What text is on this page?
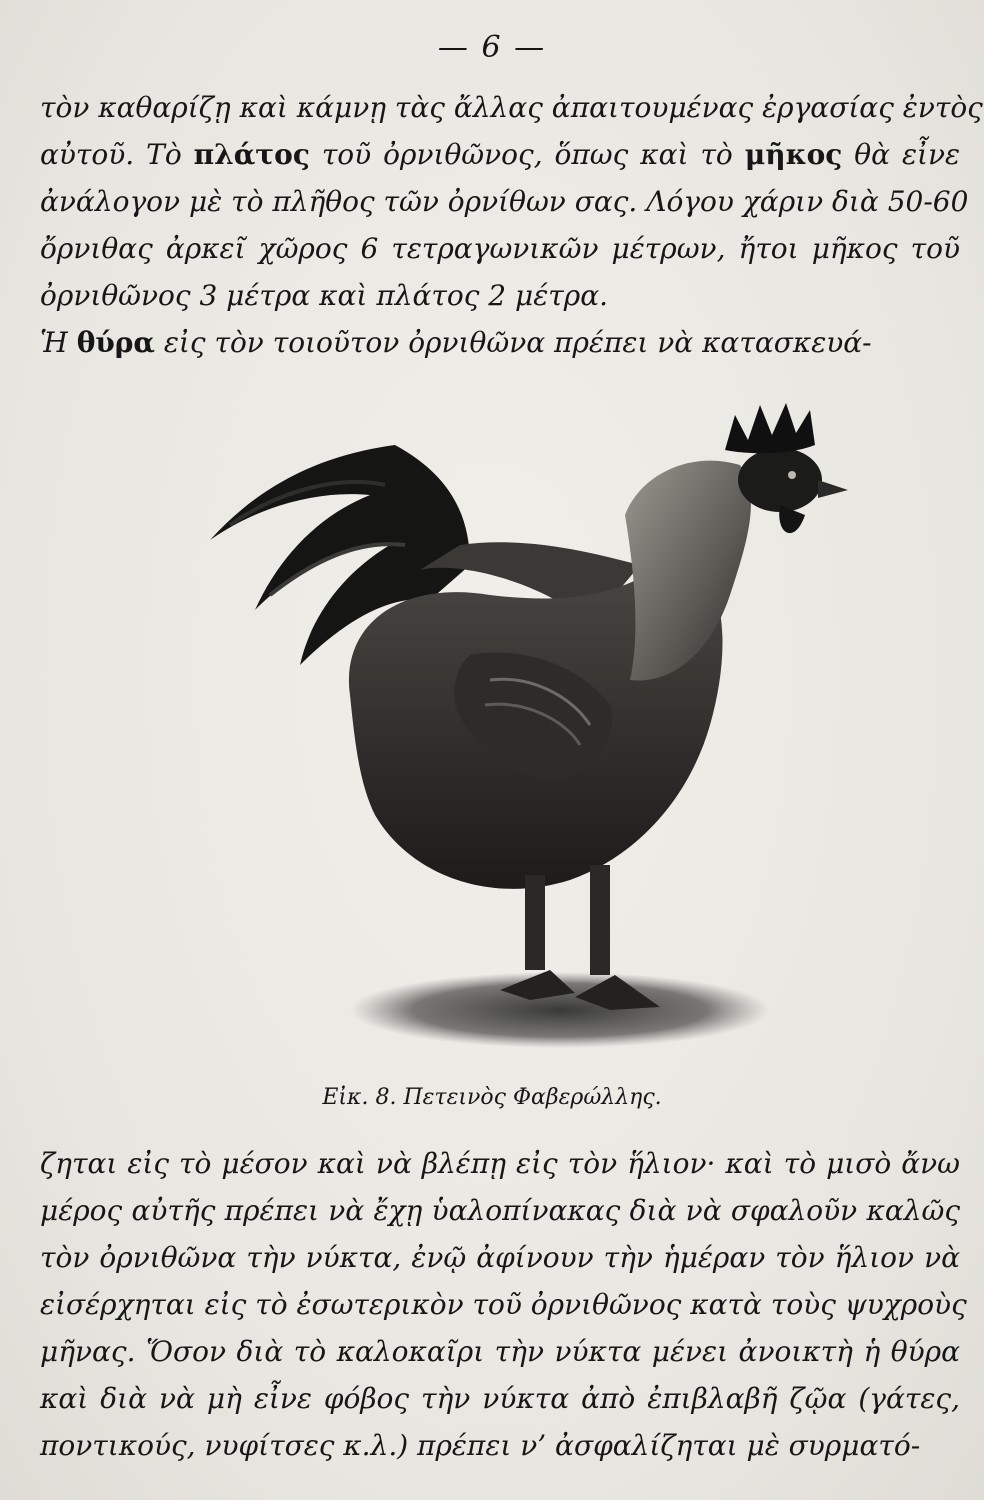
— 6 —

τὸν καθαρίζῃ καὶ κάμνῃ τὰς ἄλλας ἀπαιτουμένας ἐργασίας ἐντὸς
αὐτοῦ. Τὸ πλάτος τοῦ ὀρνιθῶνος, ὅπως καὶ τὸ μῆκος θὰ εἶνε
ἀνάλογον μὲ τὸ πλῆθος τῶν ὀρνίθων σας. Λόγου χάριν διὰ 50-60
ὄρνιθας ἀρκεῖ χῶρος 6 τετραγωνικῶν μέτρων, ἤτοι μῆκος τοῦ
ὀρνιθῶνος 3 μέτρα καὶ πλάτος 2 μέτρα.
Ἡ θύρα εἰς τὸν τοιοῦτον ὀρνιθῶνα πρέπει νὰ κατασκευά-

Εἰκ. 8. Πετεινὸς Φαβερώλλης.

ζηται εἰς τὸ μέσον καὶ νὰ βλέπῃ εἰς τὸν ἥλιον· καὶ τὸ μισὸ ἄνω
μέρος αὐτῆς πρέπει νὰ ἔχῃ ὑαλοπίνακας διὰ νὰ σφαλοῦν καλῶς
τὸν ὀρνιθῶνα τὴν νύκτα, ἐνῷ ἀφίνουν τὴν ἡμέραν τὸν ἥλιον νὰ
εἰσέρχηται εἰς τὸ ἐσωτερικὸν τοῦ ὀρνιθῶνος κατὰ τοὺς ψυχροὺς
μῆνας. Ὅσον διὰ τὸ καλοκαῖρι τὴν νύκτα μένει ἀνοικτὴ ἡ θύρα
καὶ διὰ νὰ μὴ εἶνε φόβος τὴν νύκτα ἀπὸ ἐπιβλαβῆ ζῷα (γάτες,
ποντικούς, νυφίτσες κ.λ.) πρέπει ν’ ἀσφαλίζηται μὲ συρματό-
